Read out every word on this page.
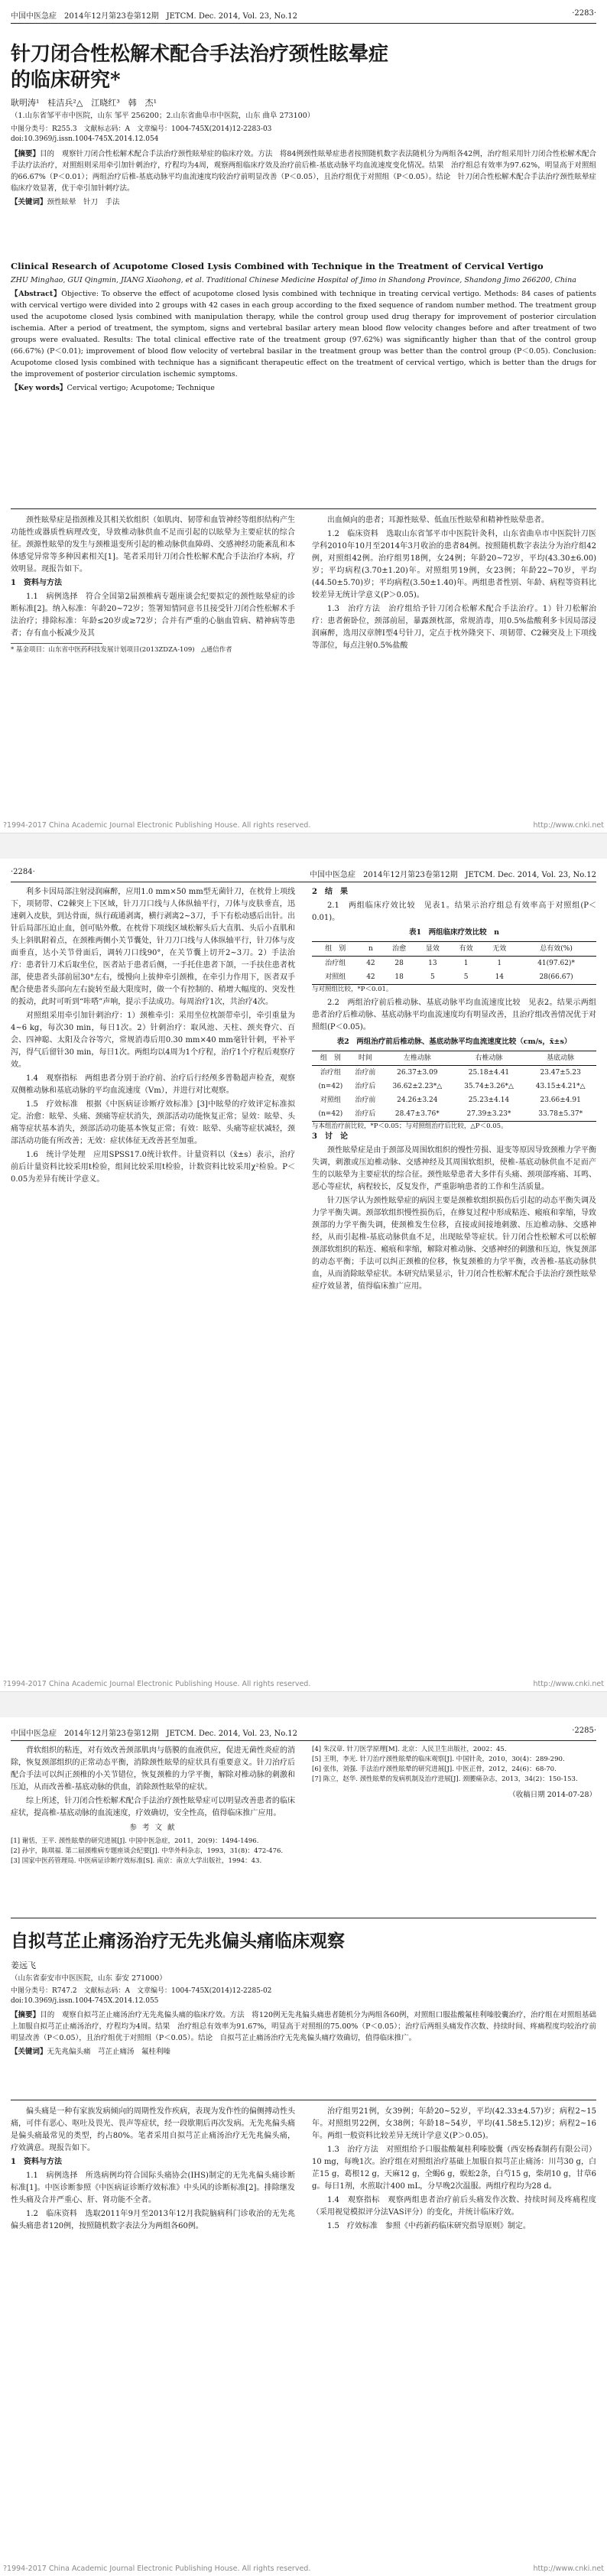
中国中医急症　2014年12月第23卷第12期　JETCM. Dec. 2014, Vol. 23, No.12	·2283·
针刀闭合性松解术配合手法治疗颈性眩晕症
的临床研究*
耿明涛¹　桂洁兵²△　江晓红³　韩　杰¹
（1.山东省邹平市中医院，山东 邹平 256200；2.山东省曲阜市中医院，山东 曲阜 273100）
中图分类号：R255.3　文献标志码：A　文章编号：1004-745X(2014)12-2283-03
doi:10.3969/j.issn.1004-745X.2014.12.054

【摘要】目的　观察针刀闭合性松解术配合手法治疗颈性眩晕症的临床疗效。方法　将84例颈性眩晕症患者按照随机数字表法随机分为两组各42例，治疗组采用针刀闭合性松解术配合手法疗法治疗，对照组则采用牵引加针刺治疗，疗程均为4周，观察两组临床疗效及治疗前后椎-基底动脉平均血流速度变化情况。结果　治疗组总有效率为97.62%，明显高于对照组的66.67%（P＜0.01）；两组治疗后椎-基底动脉平均血流速度均较治疗前明显改善（P＜0.05），且治疗组优于对照组（P＜0.05）。结论　针刀闭合性松解术配合手法治疗颈性眩晕症临床疗效显著，优于牵引加针刺疗法。

【关键词】颈性眩晕　针刀　手法

Clinical Research of Acupotome Closed Lysis Combined with Technique in the Treatment of Cervical Vertigo

ZHU Minghao, GUI Qingmin, JIANG Xiaohong, et al. Traditional Chinese Medicine Hospital of Jimo in Shandong Province, Shandong Jimo 266200, China

【Abstract】Objective: To observe the effect of acupotome closed lysis combined with technique in treating cervical vertigo. Methods: 84 cases of patients with cervical vertigo were divided into 2 groups with 42 cases in each group according to the fixed sequence of random number method. The treatment group used the acupotome closed lysis combined with manipulation therapy, while the control group used drug therapy for improvement of posterior circulation ischemia. After a period of treatment, the symptom, signs and vertebral basilar artery mean blood flow velocity changes before and after treatment of two groups were evaluated. Results: The total clinical effective rate of the treatment group (97.62%) was significantly higher than that of the control group (66.67%) (P＜0.01); improvement of blood flow velocity of vertebral basilar in the treatment group was better than the control group (P＜0.05). Conclusion: Acupotome closed lysis combined with technique has a significant therapeutic effect on the treatment of cervical vertigo, which is better than the drugs for the improvement of posterior circulation ischemic symptoms.

【Key words】Cervical vertigo; Acupotome; Technique

颈性眩晕症是指颈椎及其相关软组织（如肌肉、韧带和血管神经等组织结构产生功能性或器质性病理改变，导致椎动脉供血不足而引起的以眩晕为主要症状的综合征。颈源性眩晕的发生与颈椎退变所引起的椎动脉供血障碍、交感神经功能紊乱和本体感觉异常等多种因素相关[1]。笔者采用针刀闭合性松解术配合手法治疗本病，疗效明显。现报告如下。

1　资料与方法

1.1　病例选择　符合全国第2届颈椎病专题座谈会纪要拟定的颈性眩晕症的诊断标准[2]。纳入标准：年龄20~72岁；签署知情同意书且接受针刀闭合性松解术手法治疗；排除标准：年龄≤20岁或≥72岁；合并有严重的心脑血管病、精神病等患者；存有血小板减少及其

* 基金项目：山东省中医药科技发展计划项目(2013ZDZA-109)　△通信作者

出血倾向的患者；耳源性眩晕、低血压性眩晕和精神性眩晕患者。

1.2　临床资料　选取山东省邹平市中医院针灸科，山东省曲阜市中医院针刀医学科2010年10月至2014年3月收治的患者84例。按照随机数字表法分为治疗组42例，对照组42例。治疗组男18例，女24例；年龄20~72岁，平均(43.30±6.00)岁；平均病程(3.70±1.20)年。对照组男19例，女23例；年龄22~70岁，平均(44.50±5.70)岁；平均病程(3.50±1.40)年。两组患者性别、年龄、病程等资料比较差异无统计学意义(P＞0.05)。

1.3　治疗方法　治疗组给予针刀闭合松解术配合手法治疗。1）针刀松解治疗：患者俯卧位，颈部前屈，暴露颈枕部，常规消毒，用0.5%盐酸利多卡因局部浸润麻醉，选用汉章牌Ⅰ型4号针刀，定点于枕外隆突下、项韧带、C2棘突及上下项线等部位，每点注射0.5%盐酸

?1994-2017 China Academic Journal Electronic Publishing House. All rights reserved.	http://www.cnki.net
·2284·	中国中医急症　2014年12月第23卷第12期　JETCM. Dec. 2014, Vol. 23, No.12

利多卡因局部注射浸润麻醉，应用1.0 mm×50 mm型无菌针刀，在枕骨上项线下，项韧带、C2棘突上下区域，针刀刀口线与人体纵轴平行，刀体与皮肤垂直，迅速刺入皮肤，到达骨面，纵行疏通剥离，横行剥离2~3刀，手下有松动感后出针。出针后局部压迫止血，创可贴外敷。在枕骨下项线区域松解头后大直肌、头后小直肌和头上斜肌附着点，在颈椎两侧小关节囊处，针刀刀口线与人体纵轴平行，针刀体与皮面垂直，达小关节骨面后，调转刀口线90°，在关节囊上切开2~3刀。2）手法治疗：患者针刀术后取坐位，医者站于患者后侧，一手托住患者下颌，一手扶住患者枕部，使患者头部前屈30°左右，缓慢向上拔伸牵引颈椎，在牵引力作用下，医者双手配合使患者头部向左右旋转至最大限度时，做一个有控制的、稍增大幅度的、突发性的扳动，此时可听到“咔嗒”声响，提示手法成功。每周治疗1次，共治疗4次。

对照组采用牵引加针刺治疗：1）颈椎牵引：采用坐位枕颌带牵引，牵引重量为4~6 kg，每次30 min，每日1次。2）针刺治疗：取风池、天柱、颈夹脊穴、百会、四神聪、太阳及合谷等穴，常规消毒后用0.30 mm×40 mm毫针针刺，平补平泻，得气后留针30 min，每日1次。两组均以4周为1个疗程，治疗1个疗程后观察疗效。

1.4　观察指标　两组患者分别于治疗前、治疗后行经颅多普勒超声检查，观察双侧椎动脉和基底动脉的平均血流速度（Vm），并进行对比观察。

1.5　疗效标准　根据《中医病证诊断疗效标准》[3]中眩晕的疗效评定标准拟定。治愈：眩晕、头痛、颈痛等症状消失，颈部活动功能恢复正常；显效：眩晕、头痛等症状基本消失，颈部活动功能基本恢复正常；有效：眩晕、头痛等症状减轻，颈部活动功能有所改善；无效：症状体征无改善甚至加重。

1.6　统计学处理　应用SPSS17.0统计软件。计量资料以（x̄±s）表示，治疗前后计量资料比较采用t检验，组间比较采用t检验，计数资料比较采用χ²检验。P＜0.05为差异有统计学意义。

2　结　果

2.1　两组临床疗效比较　见表1。结果示治疗组总有效率高于对照组(P＜0.01)。

表1　两组临床疗效比较　n
组　别	n	治愈	显效	有效	无效	总有效(%)
治疗组	42	28	13	1	1	41(97.62)*
对照组	42	18	5	5	14	28(66.67)
与对照组比较，*P＜0.01。

2.2　两组治疗前后椎动脉、基底动脉平均血流速度比较　见表2。结果示两组患者治疗后椎动脉、基底动脉平均血流速度均有明显改善，且治疗组改善情况优于对照组(P＜0.05)。

表2　两组治疗前后椎动脉、基底动脉平均血流速度比较（cm/s，x̄±s）
组　别	时间	左椎动脉	右椎动脉	基底动脉
治疗组	治疗前	26.37±3.09	25.18±4.41	23.47±5.23
(n=42)	治疗后	36.62±2.23*△	35.74±3.26*△	43.15±4.21*△
对照组	治疗前	24.26±3.24	25.23±4.14	23.66±4.91
(n=42)	治疗后	28.47±3.76*	27.39±3.23*	33.78±5.37*
与本组治疗前比较，*P＜0.05；与对照组治疗后比较，△P＜0.05。

3　讨　论

颈性眩晕症是由于颈部及周围软组织的慢性劳损、退变等原因导致颈椎力学平衡失调，刺激或压迫椎动脉、交感神经及其周围软组织，使椎-基底动脉供血不足而产生的以眩晕为主要症状的综合征。颈性眩晕患者大多伴有头痛、颈项部疼痛、耳鸣、恶心等症状，病程较长，反复发作，严重影响患者的工作和生活质量。

针刀医学认为颈性眩晕症的病因主要是颈椎软组织损伤后引起的动态平衡失调及力学平衡失调。颈部软组织慢性损伤后，在修复过程中形成粘连、瘢痕和挛缩，导致颈部的力学平衡失调，使颈椎发生位移，直接或间接地刺激、压迫椎动脉、交感神经，从而引起椎-基底动脉供血不足，出现眩晕等症状。针刀闭合性松解术可以松解颈部软组织的粘连、瘢痕和挛缩，解除对椎动脉、交感神经的刺激和压迫，恢复颈部的动态平衡；手法可以纠正颈椎的位移，恢复颈椎的力学平衡，改善椎-基底动脉供血，从而消除眩晕症状。本研究结果显示，针刀闭合性松解术配合手法治疗颈性眩晕症疗效显著，值得临床推广应用。

?1994-2017 China Academic Journal Electronic Publishing House. All rights reserved.	http://www.cnki.net
中国中医急症　2014年12月第23卷第12期　JETCM. Dec. 2014, Vol. 23, No.12	·2285·

背软组织的粘连，对有效改善颈部肌肉与筋膜的血液供应，促进无菌性炎症的消除，恢复颈部组织的正常动态平衡，消除颈性眩晕的症状具有重要意义。针刀治疗后配合手法可以纠正颈椎的小关节错位，恢复颈椎的力学平衡，解除对椎动脉的刺激和压迫，从而改善椎-基底动脉的供血，消除颈性眩晕的症状。

综上所述，针刀闭合性松解术配合手法治疗颈性眩晕症可以明显改善患者的临床症状，提高椎-基底动脉的血流速度，疗效确切，安全性高，值得临床推广应用。

参 考 文 献
[1] 谢恬，王平. 颈性眩晕的研究进展[J]. 中国中医急症，2011，20(9)：1494-1496.
[2] 孙宇，陈琪福. 第二届颈椎病专题座谈会纪要[J]. 中华外科杂志，1993，31(8)：472-476.
[3] 国家中医药管理局. 中医病证诊断疗效标准[S]. 南京：南京大学出版社，1994：43.
[4] 朱汉章. 针刀医学原理[M]. 北京：人民卫生出版社，2002：45.
[5] 王明，李光. 针刀治疗颈性眩晕的临床观察[J]. 中国针灸，2010，30(4)：289-290.
[6] 张伟，刘强. 手法治疗颈性眩晕的研究进展[J]. 中医正骨，2012，24(6)：68-70.
[7] 陈立，赵华. 颈性眩晕的发病机制及治疗进展[J]. 颈腰痛杂志，2013，34(2)：150-153.
（收稿日期 2014-07-28）
自拟芎芷止痛汤治疗无先兆偏头痛临床观察
姜远飞
（山东省泰安市中医医院，山东 泰安 271000）
中图分类号：R747.2　文献标志码：A　文章编号：1004-745X(2014)12-2285-02
doi:10.3969/j.issn.1004-745X.2014.12.055

【摘要】目的　观察自拟芎芷止痛汤治疗无先兆偏头痛的临床疗效。方法　将120例无先兆偏头痛患者随机分为两组各60例，对照组口服盐酸氟桂利嗪胶囊治疗，治疗组在对照组基础上加服自拟芎芷止痛汤治疗，疗程均为4周。结果　治疗组总有效率为91.67%，明显高于对照组的75.00%（P＜0.05）；治疗后两组头痛发作次数、持续时间、疼痛程度均较治疗前明显改善（P＜0.05），且治疗组优于对照组（P＜0.05）。结论　自拟芎芷止痛汤治疗无先兆偏头痛疗效确切，值得临床推广。

【关键词】无先兆偏头痛　芎芷止痛汤　氟桂利嗪

偏头痛是一种有家族发病倾向的周期性发作疾病，表现为发作性的偏侧搏动性头痛，可伴有恶心、呕吐及畏光、畏声等症状，经一段歇期后再次发病。无先兆偏头痛是偏头痛最常见的类型，约占80%。笔者采用自拟芎芷止痛汤治疗无先兆偏头痛，疗效满意。现报告如下。

1　资料与方法

1.1　病例选择　所选病例均符合国际头痛协会(IHS)制定的无先兆偏头痛诊断标准[1]。中医诊断参照《中医病证诊断疗效标准》中头风的诊断标准[2]。排除继发性头痛及合并严重心、肝、肾功能不全者。

1.2　临床资料　选取2011年9月至2013年12月我院脑病科门诊收治的无先兆偏头痛患者120例，按照随机数字表法分为两组各60例。

治疗组男21例，女39例；年龄20~52岁，平均(42.33±4.57)岁；病程2~15年。对照组男22例，女38例；年龄18~54岁，平均(41.58±5.12)岁；病程2~16年。两组一般资料比较差异无统计学意义(P＞0.05)。

1.3　治疗方法　对照组给予口服盐酸氟桂利嗪胶囊（西安杨森制药有限公司）10 mg，每晚1次。治疗组在对照组治疗基础上加服自拟芎芷止痛汤：川芎30 g，白芷15 g，葛根12 g，天麻12 g，全蝎6 g，蜈蚣2条，白芍15 g，柴胡10 g，甘草6 g。每日1剂，水煎取汁400 mL，分早晚2次温服。两组疗程均为28 d。

1.4　观察指标　观察两组患者治疗前后头痛发作次数、持续时间及疼痛程度（采用视觉模拟评分法VAS评分）的变化，并统计临床疗效。

1.5　疗效标准　参照《中药新药临床研究指导原则》制定。

?1994-2017 China Academic Journal Electronic Publishing House. All rights reserved.	http://www.cnki.net
